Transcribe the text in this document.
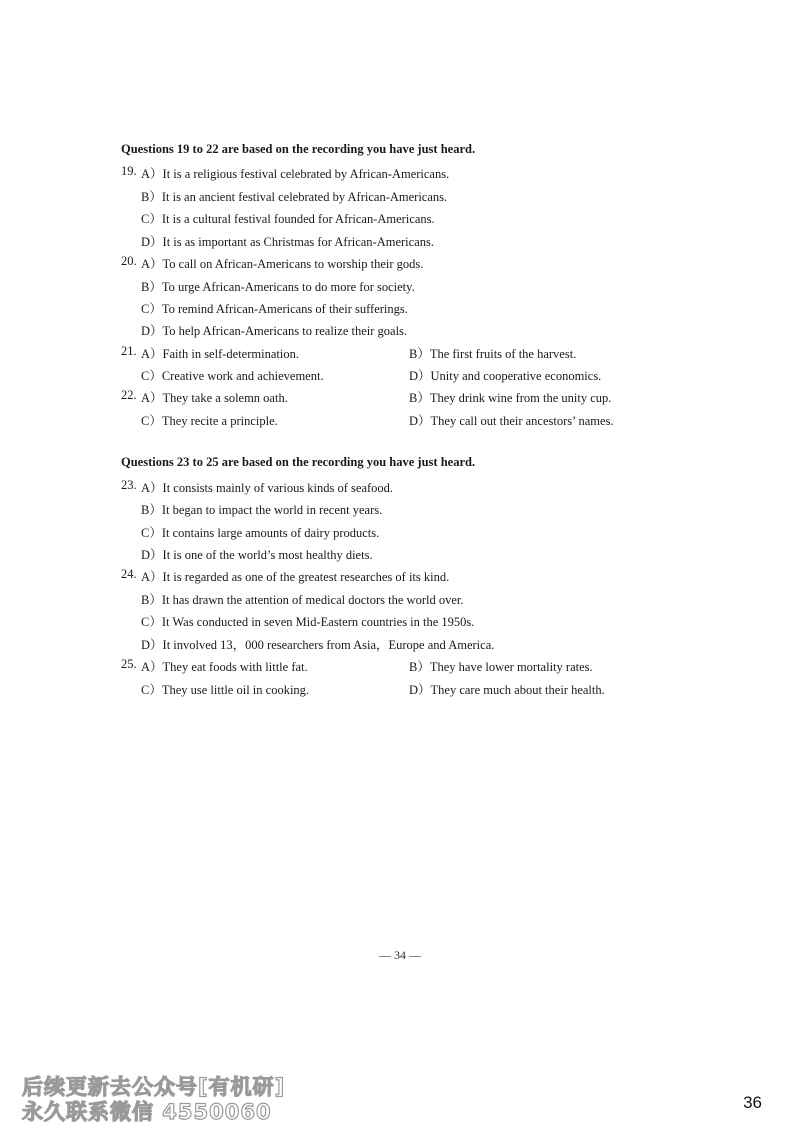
Questions 19 to 22 are based on the recording you have just heard.
19. A）It is a religious festival celebrated by African-Americans.
B）It is an ancient festival celebrated by African-Americans.
C）It is a cultural festival founded for African-Americans.
D）It is as important as Christmas for African-Americans.
20. A）To call on African-Americans to worship their gods.
B）To urge African-Americans to do more for society.
C）To remind African-Americans of their sufferings.
D）To help African-Americans to realize their goals.
21. A）Faith in self-determination.	B）The first fruits of the harvest.
C）Creative work and achievement.	D）Unity and cooperative economics.
22. A）They take a solemn oath.	B）They drink wine from the unity cup.
C）They recite a principle.	D）They call out their ancestors’ names.
Questions 23 to 25 are based on the recording you have just heard.
23. A）It consists mainly of various kinds of seafood.
B）It began to impact the world in recent years.
C）It contains large amounts of dairy products.
D）It is one of the world’s most healthy diets.
24. A）It is regarded as one of the greatest researches of its kind.
B）It has drawn the attention of medical doctors the world over.
C）It Was conducted in seven Mid-Eastern countries in the 1950s.
D）It involved 13，000 researchers from Asia，Europe and America.
25. A）They eat foods with little fat.	B）They have lower mortality rates.
C）They use little oil in cooking.	D）They care much about their health.
— 34 —
后续更新去公众号[有机研]
永久联系微信 4550060	36
